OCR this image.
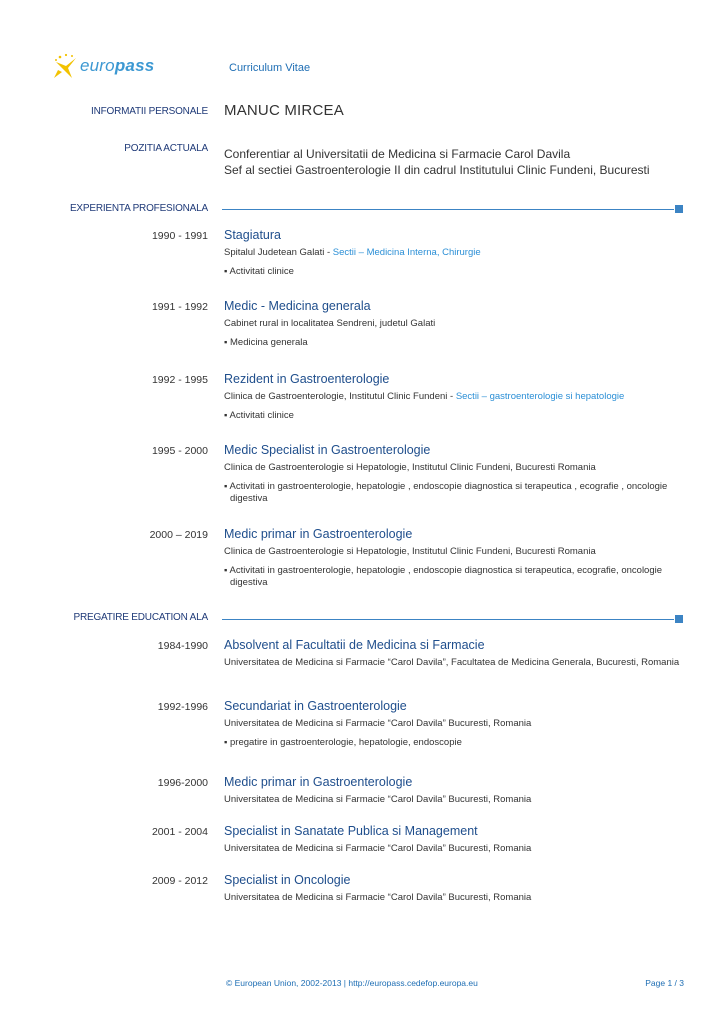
europass	Curriculum Vitae
INFORMATII PERSONALE MANUC MIRCEA
POZITIA ACTUALA Conferentiar al Universitatii de Medicina si Farmacie Carol Davila
Sef al sectiei Gastroenterologie II din cadrul Institutului Clinic Fundeni, Bucuresti
EXPERIENTA PROFESIONALA
1990 - 1991 Stagiatura
Spitalul Judetean Galati - Sectii – Medicina Interna, Chirurgie
▪ Activitati clinice
1991 - 1992 Medic - Medicina generala
Cabinet rural in localitatea Sendreni, judetul Galati
▪ Medicina generala
1992 - 1995 Rezident in Gastroenterologie
Clinica de Gastroenterologie, Institutul Clinic Fundeni - Sectii – gastroenterologie si hepatologie
▪ Activitati clinice
1995 - 2000 Medic Specialist in Gastroenterologie
Clinica de Gastroenterologie si Hepatologie, Institutul Clinic Fundeni, Bucuresti Romania
▪ Activitati in gastroenterologie, hepatologie , endoscopie diagnostica si terapeutica , ecografie , oncologie digestiva
2000 – 2019 Medic primar in Gastroenterologie
Clinica de Gastroenterologie si Hepatologie, Institutul Clinic Fundeni, Bucuresti Romania
▪ Activitati in gastroenterologie, hepatologie , endoscopie diagnostica si terapeutica, ecografie, oncologie digestiva
PREGATIRE EDUCATION ALA
1984-1990 Absolvent al Facultatii de Medicina si Farmacie
Universitatea de Medicina si Farmacie “Carol Davila”, Facultatea de Medicina Generala, Bucuresti, Romania
1992-1996 Secundariat in Gastroenterologie
Universitatea de Medicina si Farmacie “Carol Davila” Bucuresti, Romania
▪ pregatire in gastroenterologie, hepatologie, endoscopie
1996-2000 Medic primar in Gastroenterologie
Universitatea de Medicina si Farmacie “Carol Davila” Bucuresti, Romania
2001 - 2004 Specialist in Sanatate Publica si Management
Universitatea de Medicina si Farmacie “Carol Davila” Bucuresti, Romania
2009 - 2012 Specialist in Oncologie
Universitatea de Medicina si Farmacie “Carol Davila” Bucuresti, Romania
© European Union, 2002-2013 | http://europass.cedefop.europa.eu	Page 1 / 3
